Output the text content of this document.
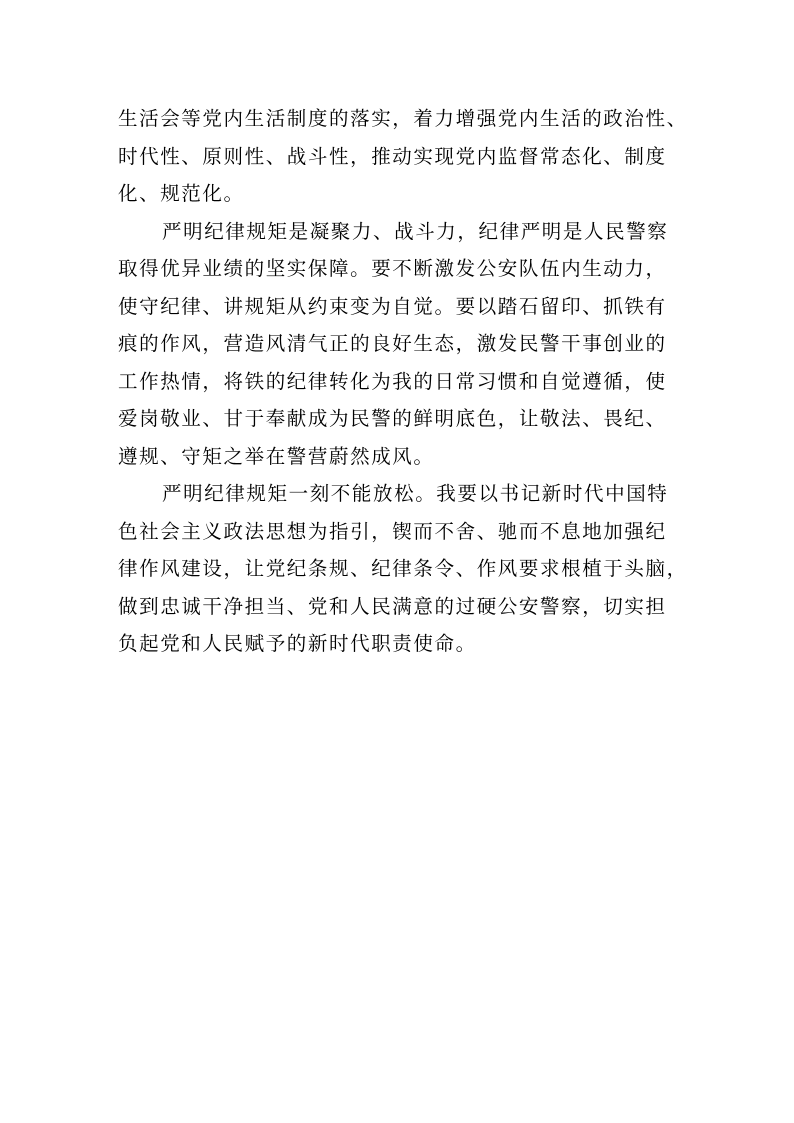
生活会等党内生活制度的落实，着力增强党内生活的政治性、
时代性、原则性、战斗性，推动实现党内监督常态化、制度
化、规范化。
严明纪律规矩是凝聚力、战斗力，纪律严明是人民警察
取得优异业绩的坚实保障。要不断激发公安队伍内生动力，
使守纪律、讲规矩从约束变为自觉。要以踏石留印、抓铁有
痕的作风，营造风清气正的良好生态，激发民警干事创业的
工作热情，将铁的纪律转化为我的日常习惯和自觉遵循，使
爱岗敬业、甘于奉献成为民警的鲜明底色，让敬法、畏纪、
遵规、守矩之举在警营蔚然成风。
严明纪律规矩一刻不能放松。我要以书记新时代中国特
色社会主义政法思想为指引，锲而不舍、驰而不息地加强纪
律作风建设，让党纪条规、纪律条令、作风要求根植于头脑，
做到忠诚干净担当、党和人民满意的过硬公安警察，切实担
负起党和人民赋予的新时代职责使命。
